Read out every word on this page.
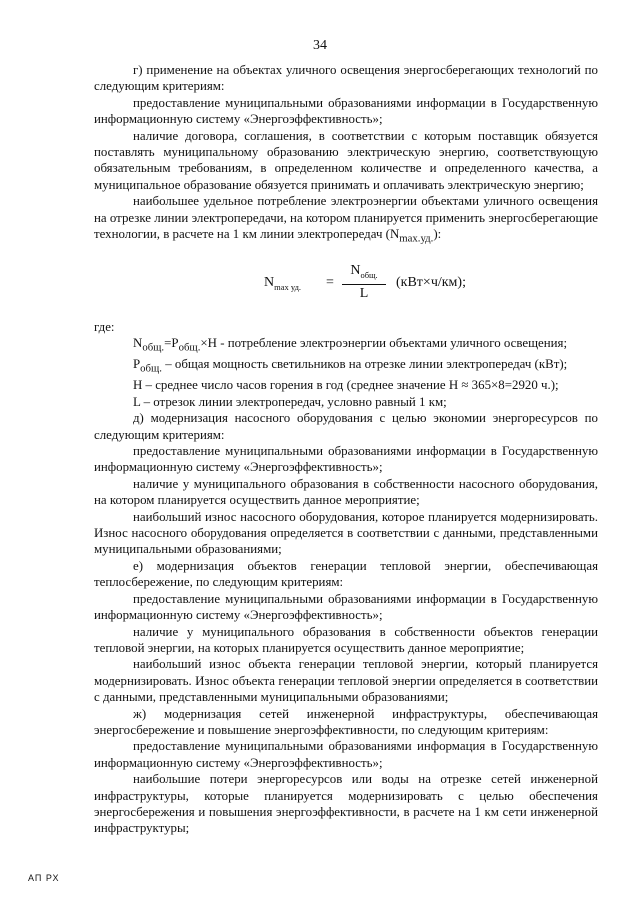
34

г) применение на объектах уличного освещения энергосберегающих технологий по следующим критериям:

предоставление муниципальными образованиями информации в Государственную информационную систему «Энергоэффективность»;

наличие договора, соглашения, в соответствии с которым поставщик обязуется поставлять муниципальному образованию электрическую энергию, соответствующую обязательным требованиям, в определенном количестве и определенного качества, а муниципальное образование обязуется принимать и оплачивать электрическую энергию;

наибольшее удельное потребление электроэнергии объектами уличного освещения на отрезке линии электропередачи, на котором планируется применить энергосберегающие технологии, в расчете на 1 км линии электропередач $(N_{max.уд.})$:

$N_{max уд.}$ =
$N_{общ.}$
L
(кВт×ч/км);

где:

$N_{общ.}=P_{общ.}\times Н$ - потребление электроэнергии объектами уличного освещения;

$P_{общ.}$ – общая мощность светильников на отрезке линии электропередач (кВт);

Н – среднее число часов горения в год (среднее значение Н ≈ 365×8=2920 ч.);

L – отрезок линии электропередач, условно равный 1 км;

д) модернизация насосного оборудования с целью экономии энергоресурсов по следующим критериям:

предоставление муниципальными образованиями информации в Государственную информационную систему «Энергоэффективность»;

наличие у муниципального образования в собственности насосного оборудования, на котором планируется осуществить данное мероприятие;

наибольший износ насосного оборудования, которое планируется модернизировать. Износ насосного оборудования определяется в соответствии с данными, представленными муниципальными образованиями;

е) модернизация объектов генерации тепловой энергии, обеспечивающая теплосбережение, по следующим критериям:

предоставление муниципальными образованиями информации в Государственную информационную систему «Энергоэффективность»;

наличие у муниципального образования в собственности объектов генерации тепловой энергии, на которых планируется осуществить данное мероприятие;

наибольший износ объекта генерации тепловой энергии, который планируется модернизировать. Износ объекта генерации тепловой энергии определяется в соответствии с данными, представленными муниципальными образованиями;

ж) модернизация сетей инженерной инфраструктуры, обеспечивающая энергосбережение и повышение энергоэффективности, по следующим критериям:

предоставление муниципальными образованиями информация в Государственную информационную систему «Энергоэффективность»;

наибольшие потери энергоресурсов или воды на отрезке сетей инженерной инфраструктуры, которые планируется модернизировать с целью обеспечения энергосбережения и повышения энергоэффективности, в расчете на 1 км сети инженерной инфраструктуры;

АП РХ
